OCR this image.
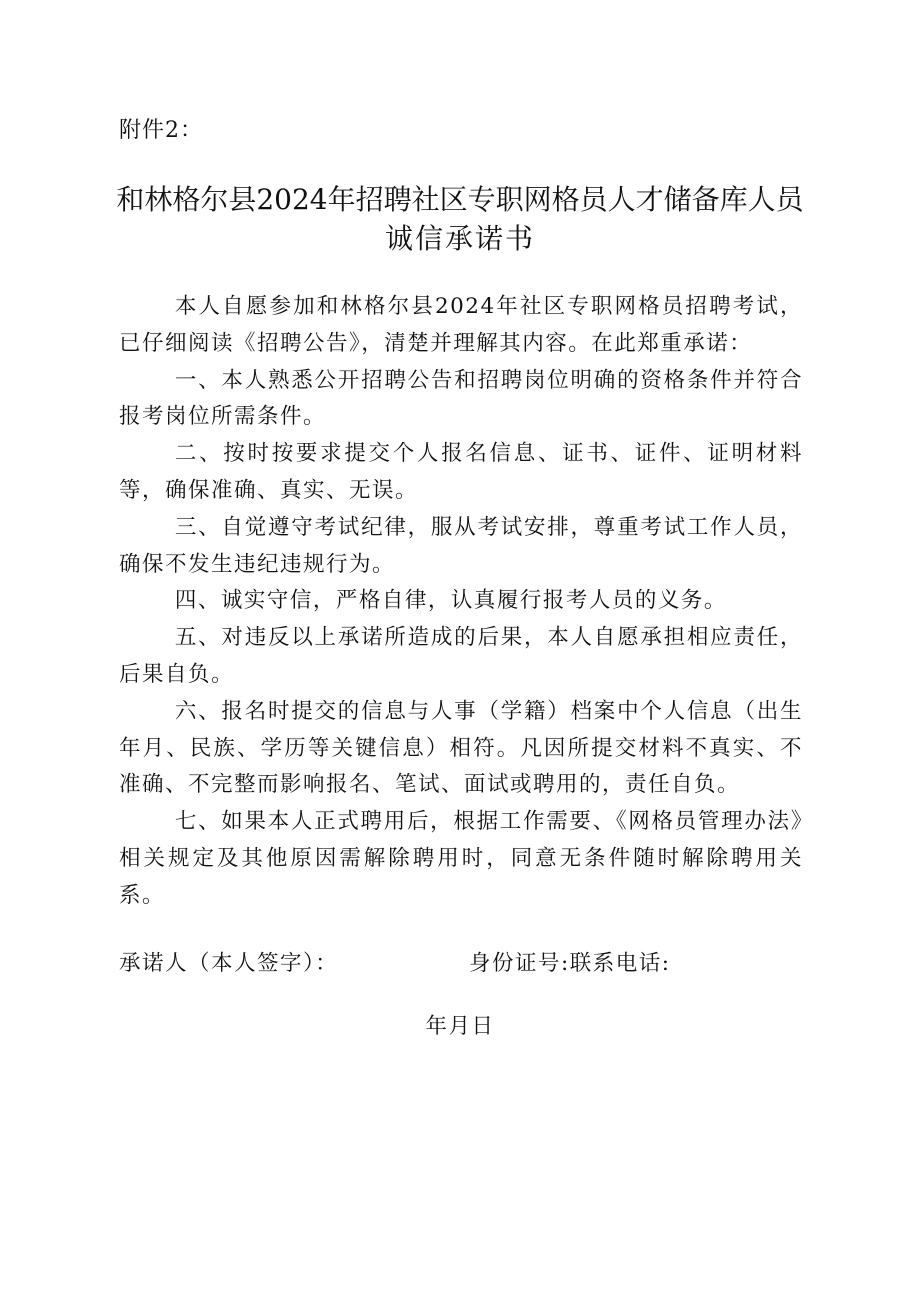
附件2：
和林格尔县2024年招聘社区专职网格员人才储备库人员
诚信承诺书

本人自愿参加和林格尔县2024年社区专职网格员招聘考试，已仔细阅读《招聘公告》，清楚并理解其内容。在此郑重承诺：

一、本人熟悉公开招聘公告和招聘岗位明确的资格条件并符合报考岗位所需条件。

二、按时按要求提交个人报名信息、证书、证件、证明材料等，确保准确、真实、无误。

三、自觉遵守考试纪律，服从考试安排，尊重考试工作人员，确保不发生违纪违规行为。

四、诚实守信，严格自律，认真履行报考人员的义务。

五、对违反以上承诺所造成的后果，本人自愿承担相应责任，后果自负。

六、报名时提交的信息与人事（学籍）档案中个人信息（出生年月、民族、学历等关键信息）相符。凡因所提交材料不真实、不准确、不完整而影响报名、笔试、面试或聘用的，责任自负。

七、如果本人正式聘用后，根据工作需要、《网格员管理办法》相关规定及其他原因需解除聘用时，同意无条件随时解除聘用关系。

承诺人（本人签字）：	身份证号:联系电话:
年月日
